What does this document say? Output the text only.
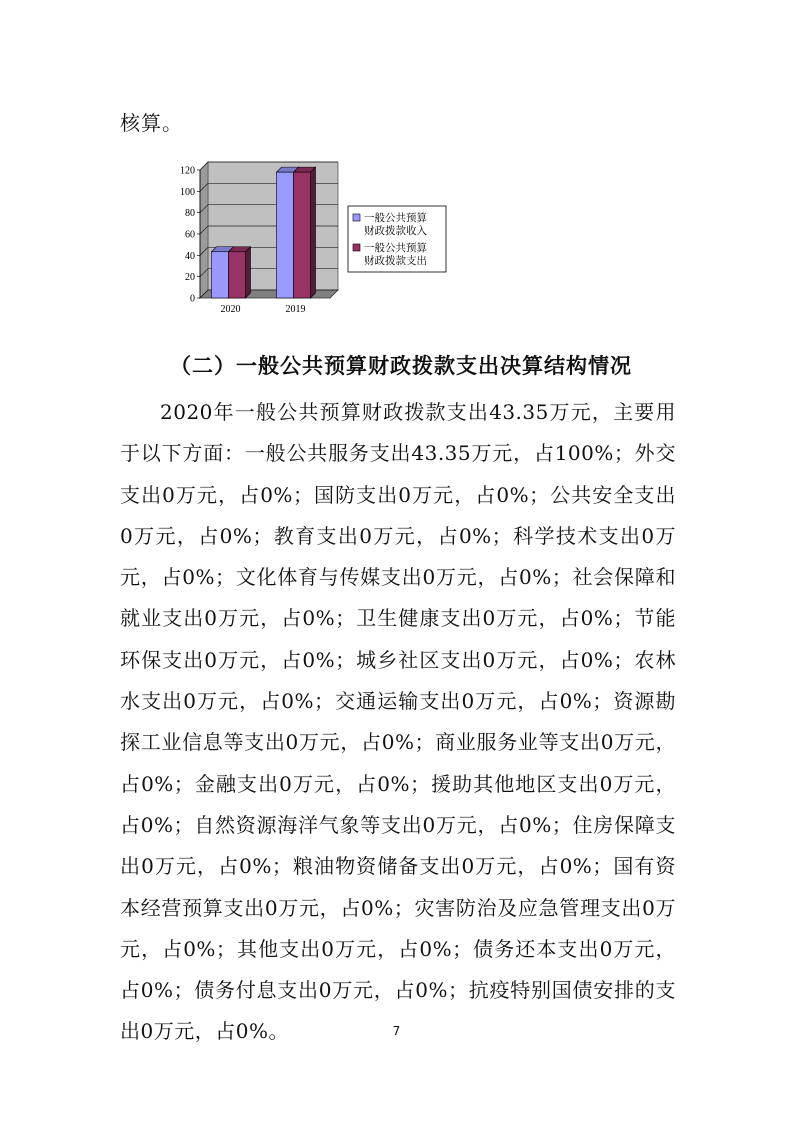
核算。
0
20
40
60
80
100
120
2020	2019
一般公共预算
财政拨款收入
一般公共预算
财政拨款支出
（二）一般公共预算财政拨款支出决算结构情况
2020年一般公共预算财政拨款支出43.35万元，主要用于以下方面：一般公共服务支出43.35万元，占100%；外交支出0万元，占0%；国防支出0万元，占0%；公共安全支出0万元，占0%；教育支出0万元，占0%；科学技术支出0万元，占0%；文化体育与传媒支出0万元，占0%；社会保障和就业支出0万元，占0%；卫生健康支出0万元，占0%；节能环保支出0万元，占0%；城乡社区支出0万元，占0%；农林水支出0万元，占0%；交通运输支出0万元，占0%；资源勘探工业信息等支出0万元，占0%；商业服务业等支出0万元，占0%；金融支出0万元，占0%；援助其他地区支出0万元，占0%；自然资源海洋气象等支出0万元，占0%；住房保障支出0万元，占0%；粮油物资储备支出0万元，占0%；国有资本经营预算支出0万元，占0%；灾害防治及应急管理支出0万元，占0%；其他支出0万元，占0%；债务还本支出0万元，占0%；债务付息支出0万元，占0%；抗疫特别国债安排的支出0万元，占0%。	7
